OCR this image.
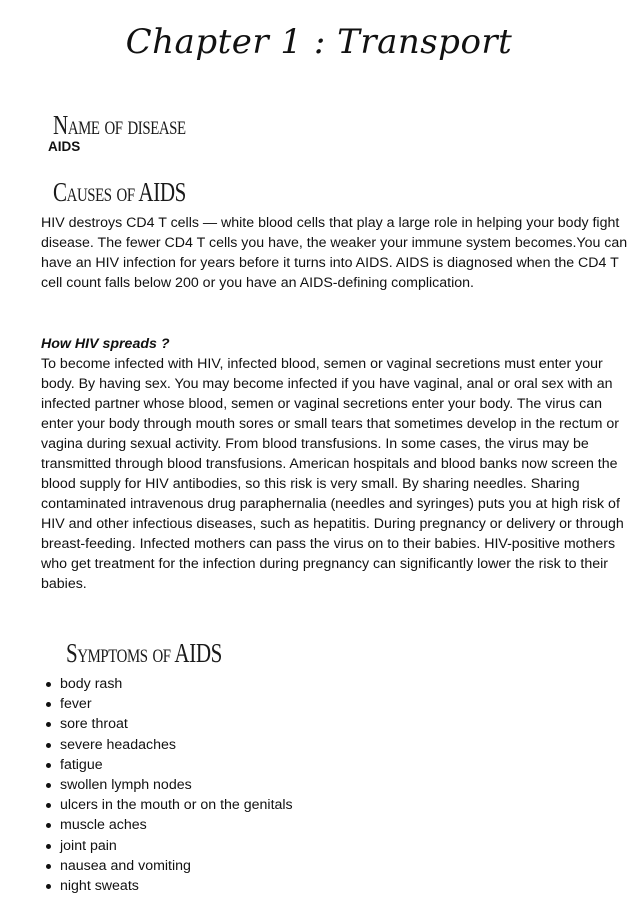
Chapter 1 : Transport
Name of disease
AIDS
Causes of AIDS

HIV destroys CD4 T cells — white blood cells that play a large role in helping your body fight disease. The fewer CD4 T cells you have, the weaker your immune system becomes.You can have an HIV infection for years before it turns into AIDS. AIDS is diagnosed when the CD4 T cell count falls below 200 or you have an AIDS-defining complication.

How HIV spreads ?

To become infected with HIV, infected blood, semen or vaginal secretions must enter your body. By having sex. You may become infected if you have vaginal, anal or oral sex with an infected partner whose blood, semen or vaginal secretions enter your body. The virus can enter your body through mouth sores or small tears that sometimes develop in the rectum or vagina during sexual activity. From blood transfusions. In some cases, the virus may be transmitted through blood transfusions. American hospitals and blood banks now screen the blood supply for HIV antibodies, so this risk is very small. By sharing needles. Sharing contaminated intravenous drug paraphernalia (needles and syringes) puts you at high risk of HIV and other infectious diseases, such as hepatitis. During pregnancy or delivery or through breast-feeding. Infected mothers can pass the virus on to their babies. HIV-positive mothers who get treatment for the infection during pregnancy can significantly lower the risk to their babies.

Symptoms of AIDS
body rash
fever
sore throat
severe headaches
fatigue
swollen lymph nodes
ulcers in the mouth or on the genitals
muscle aches
joint pain
nausea and vomiting
night sweats
